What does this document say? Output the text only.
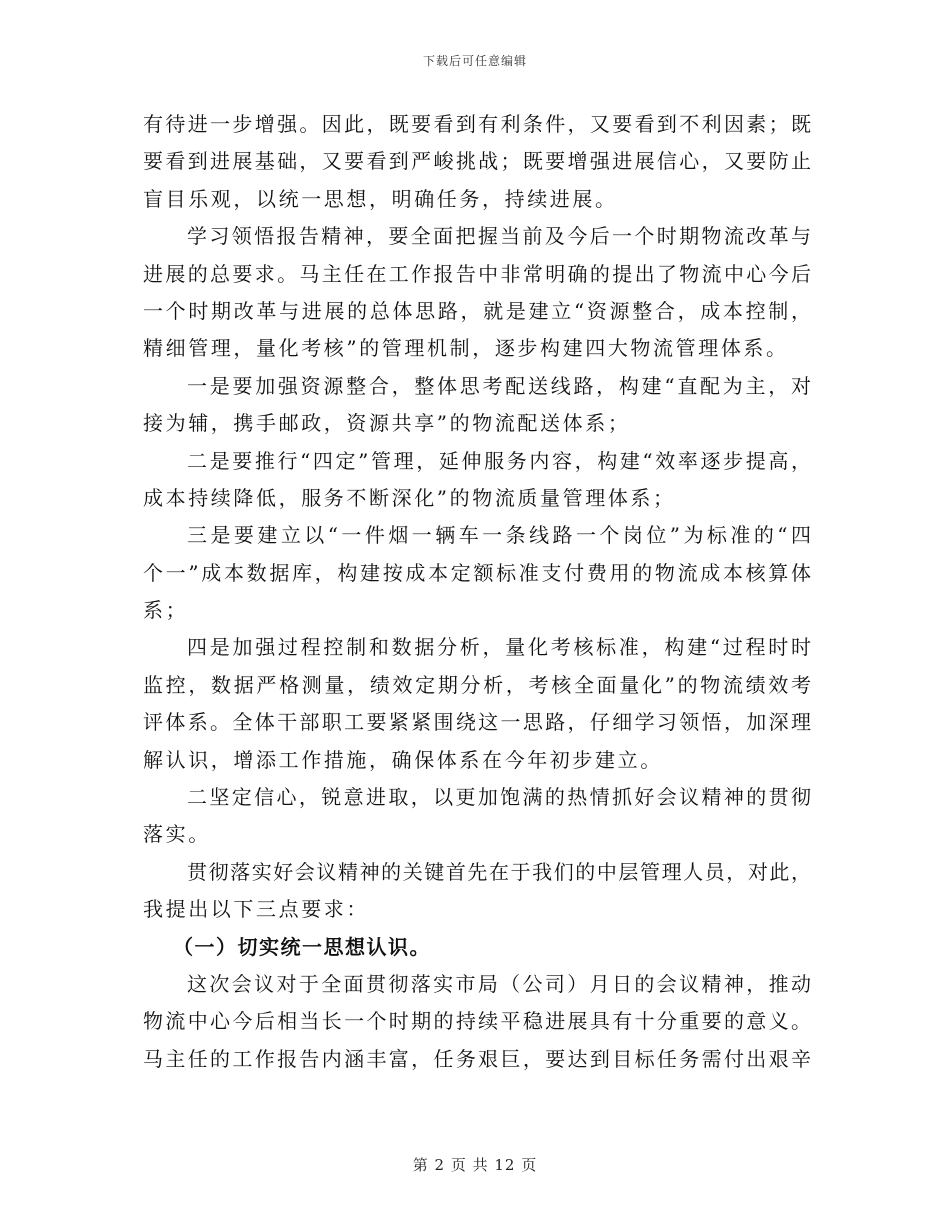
下载后可任意编辑
有待进一步增强。因此，既要看到有利条件，又要看到不利因素；既
要看到进展基础，又要看到严峻挑战；既要增强进展信心，又要防止
盲目乐观，以统一思想，明确任务，持续进展。
学习领悟报告精神，要全面把握当前及今后一个时期物流改革与
进展的总要求。马主任在工作报告中非常明确的提出了物流中心今后
一个时期改革与进展的总体思路，就是建立“资源整合，成本控制，
精细管理，量化考核”的管理机制，逐步构建四大物流管理体系。
一是要加强资源整合，整体思考配送线路，构建“直配为主，对
接为辅，携手邮政，资源共享”的物流配送体系；
二是要推行“四定”管理，延伸服务内容，构建“效率逐步提高，
成本持续降低，服务不断深化”的物流质量管理体系；
三是要建立以“一件烟一辆车一条线路一个岗位”为标准的“四
个一”成本数据库，构建按成本定额标准支付费用的物流成本核算体
系；
四是加强过程控制和数据分析，量化考核标准，构建“过程时时
监控，数据严格测量，绩效定期分析，考核全面量化”的物流绩效考
评体系。全体干部职工要紧紧围绕这一思路，仔细学习领悟，加深理
解认识，增添工作措施，确保体系在今年初步建立。
二坚定信心，锐意进取，以更加饱满的热情抓好会议精神的贯彻
落实。
贯彻落实好会议精神的关键首先在于我们的中层管理人员，对此，
我提出以下三点要求：
（一）切实统一思想认识。
这次会议对于全面贯彻落实市局（公司）月日的会议精神，推动
物流中心今后相当长一个时期的持续平稳进展具有十分重要的意义。
马主任的工作报告内涵丰富，任务艰巨，要达到目标任务需付出艰辛
第 2 页 共 12 页
